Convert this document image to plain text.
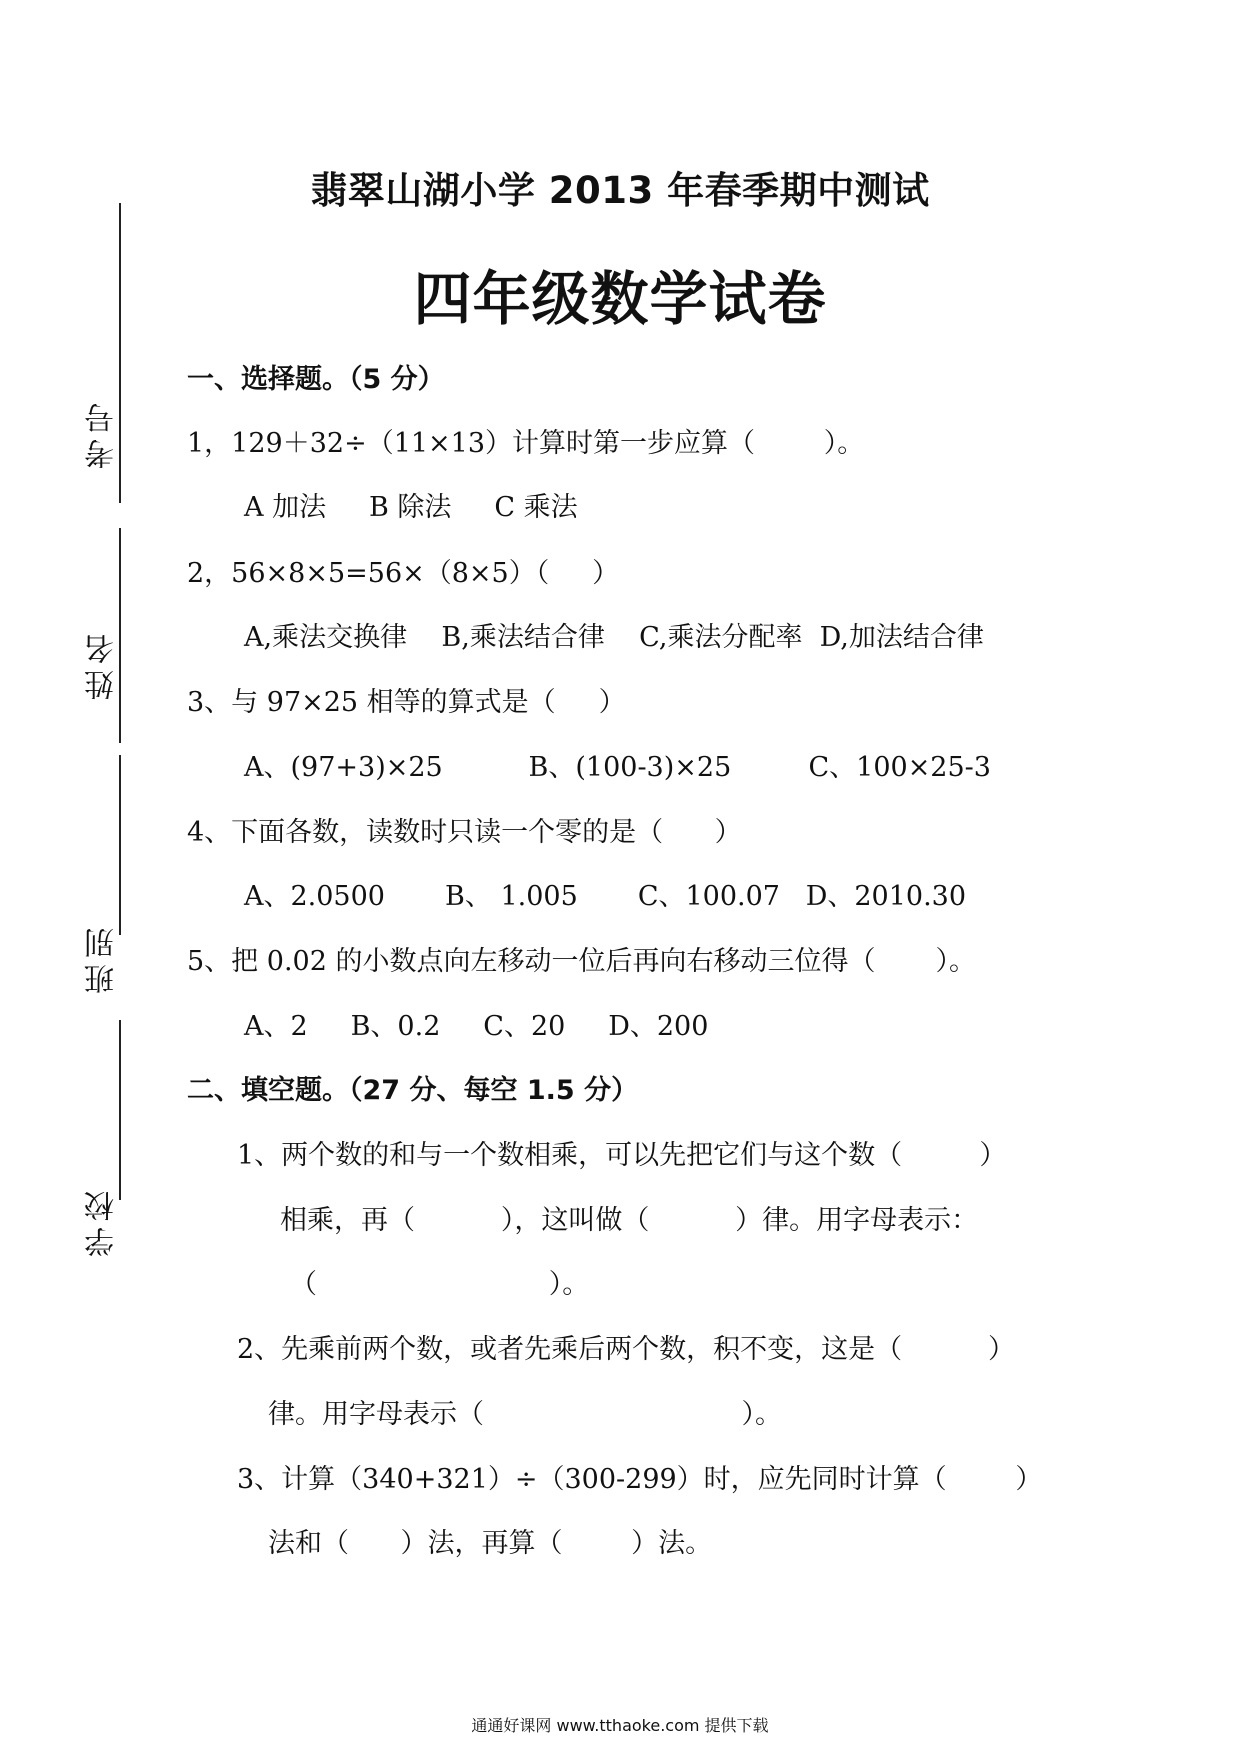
考号
姓名
班别
学校
翡翠山湖小学 2013 年春季期中测试
四年级数学试卷
一、选择题。（5 分）
1，129＋32÷（11×13）计算时第一步应算（        ）。
A 加法     B 除法     C 乘法
2，56×8×5=56×（8×5）（     ）
A,乘法交换律    B,乘法结合律    C,乘法分配率  D,加法结合律
3、与 97×25 相等的算式是（     ）
A、(97+3)×25          B、(100-3)×25         C、100×25-3
4、下面各数，读数时只读一个零的是（      ）
A、2.0500       B、 1.005       C、100.07   D、2010.30
5、把 0.02 的小数点向左移动一位后再向右移动三位得（       ）。
A、2     B、0.2     C、20     D、200
二、填空题。（27 分、每空 1.5 分）
1、两个数的和与一个数相乘，可以先把它们与这个数（         ）
相乘，再（          ），这叫做（          ）律。用字母表示：
（                           ）。
2、先乘前两个数，或者先乘后两个数，积不变，这是（          ）
律。用字母表示（                              ）。
3、计算（340+321）÷（300-299）时，应先同时计算（        ）
法和（      ）法，再算（        ）法。
通通好课网 www.tthaoke.com 提供下载
